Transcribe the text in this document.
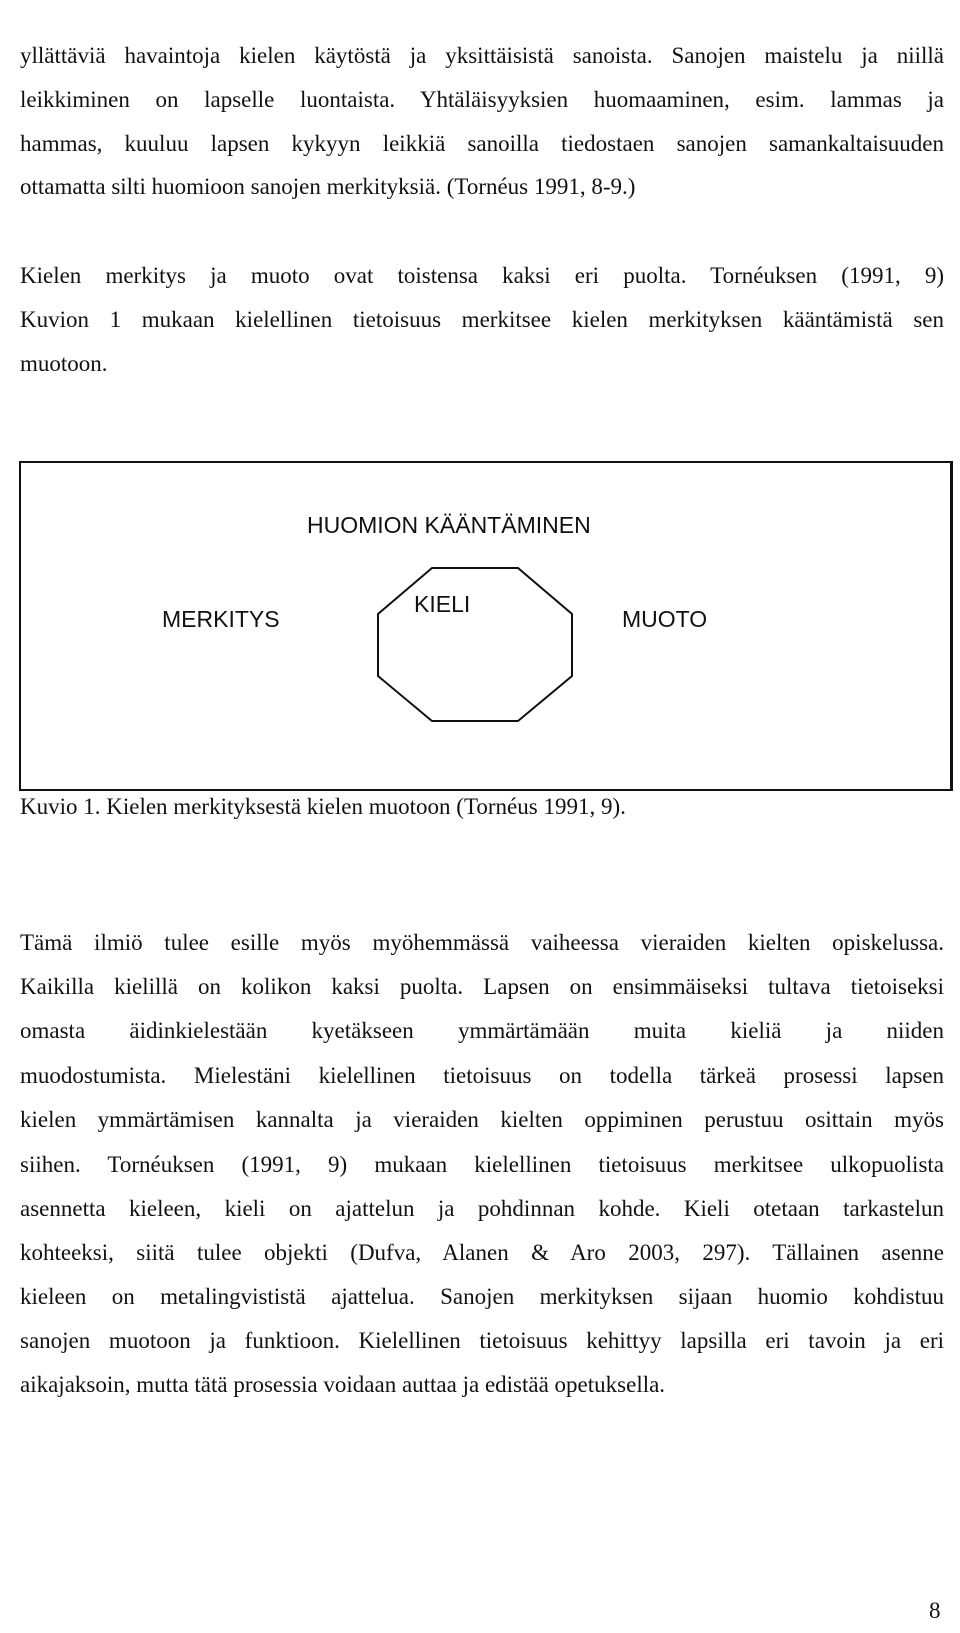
yllättäviä havaintoja kielen käytöstä ja yksittäisistä sanoista. Sanojen maistelu ja niillä
leikkiminen on lapselle luontaista. Yhtäläisyyksien huomaaminen, esim. lammas ja
hammas, kuuluu lapsen kykyyn leikkiä sanoilla tiedostaen sanojen samankaltaisuuden
ottamatta silti huomioon sanojen merkityksiä. (Tornéus 1991, 8-9.)
Kielen merkitys ja muoto ovat toistensa kaksi eri puolta. Tornéuksen (1991, 9)
Kuvion 1 mukaan kielellinen tietoisuus merkitsee kielen merkityksen kääntämistä sen
muotoon.
HUOMION KÄÄNTÄMINEN
MERKITYS
KIELI
MUOTO
Kuvio 1. Kielen merkityksestä kielen muotoon (Tornéus 1991, 9).
Tämä ilmiö tulee esille myös myöhemmässä vaiheessa vieraiden kielten opiskelussa.
Kaikilla kielillä on kolikon kaksi puolta. Lapsen on ensimmäiseksi tultava tietoiseksi
omasta äidinkielestään kyetäkseen ymmärtämään muita kieliä ja niiden
muodostumista. Mielestäni kielellinen tietoisuus on todella tärkeä prosessi lapsen
kielen ymmärtämisen kannalta ja vieraiden kielten oppiminen perustuu osittain myös
siihen. Tornéuksen (1991, 9) mukaan kielellinen tietoisuus merkitsee ulkopuolista
asennetta kieleen, kieli on ajattelun ja pohdinnan kohde. Kieli otetaan tarkastelun
kohteeksi, siitä tulee objekti (Dufva, Alanen & Aro 2003, 297). Tällainen asenne
kieleen on metalingvististä ajattelua. Sanojen merkityksen sijaan huomio kohdistuu
sanojen muotoon ja funktioon. Kielellinen tietoisuus kehittyy lapsilla eri tavoin ja eri
aikajaksoin, mutta tätä prosessia voidaan auttaa ja edistää opetuksella.
8
